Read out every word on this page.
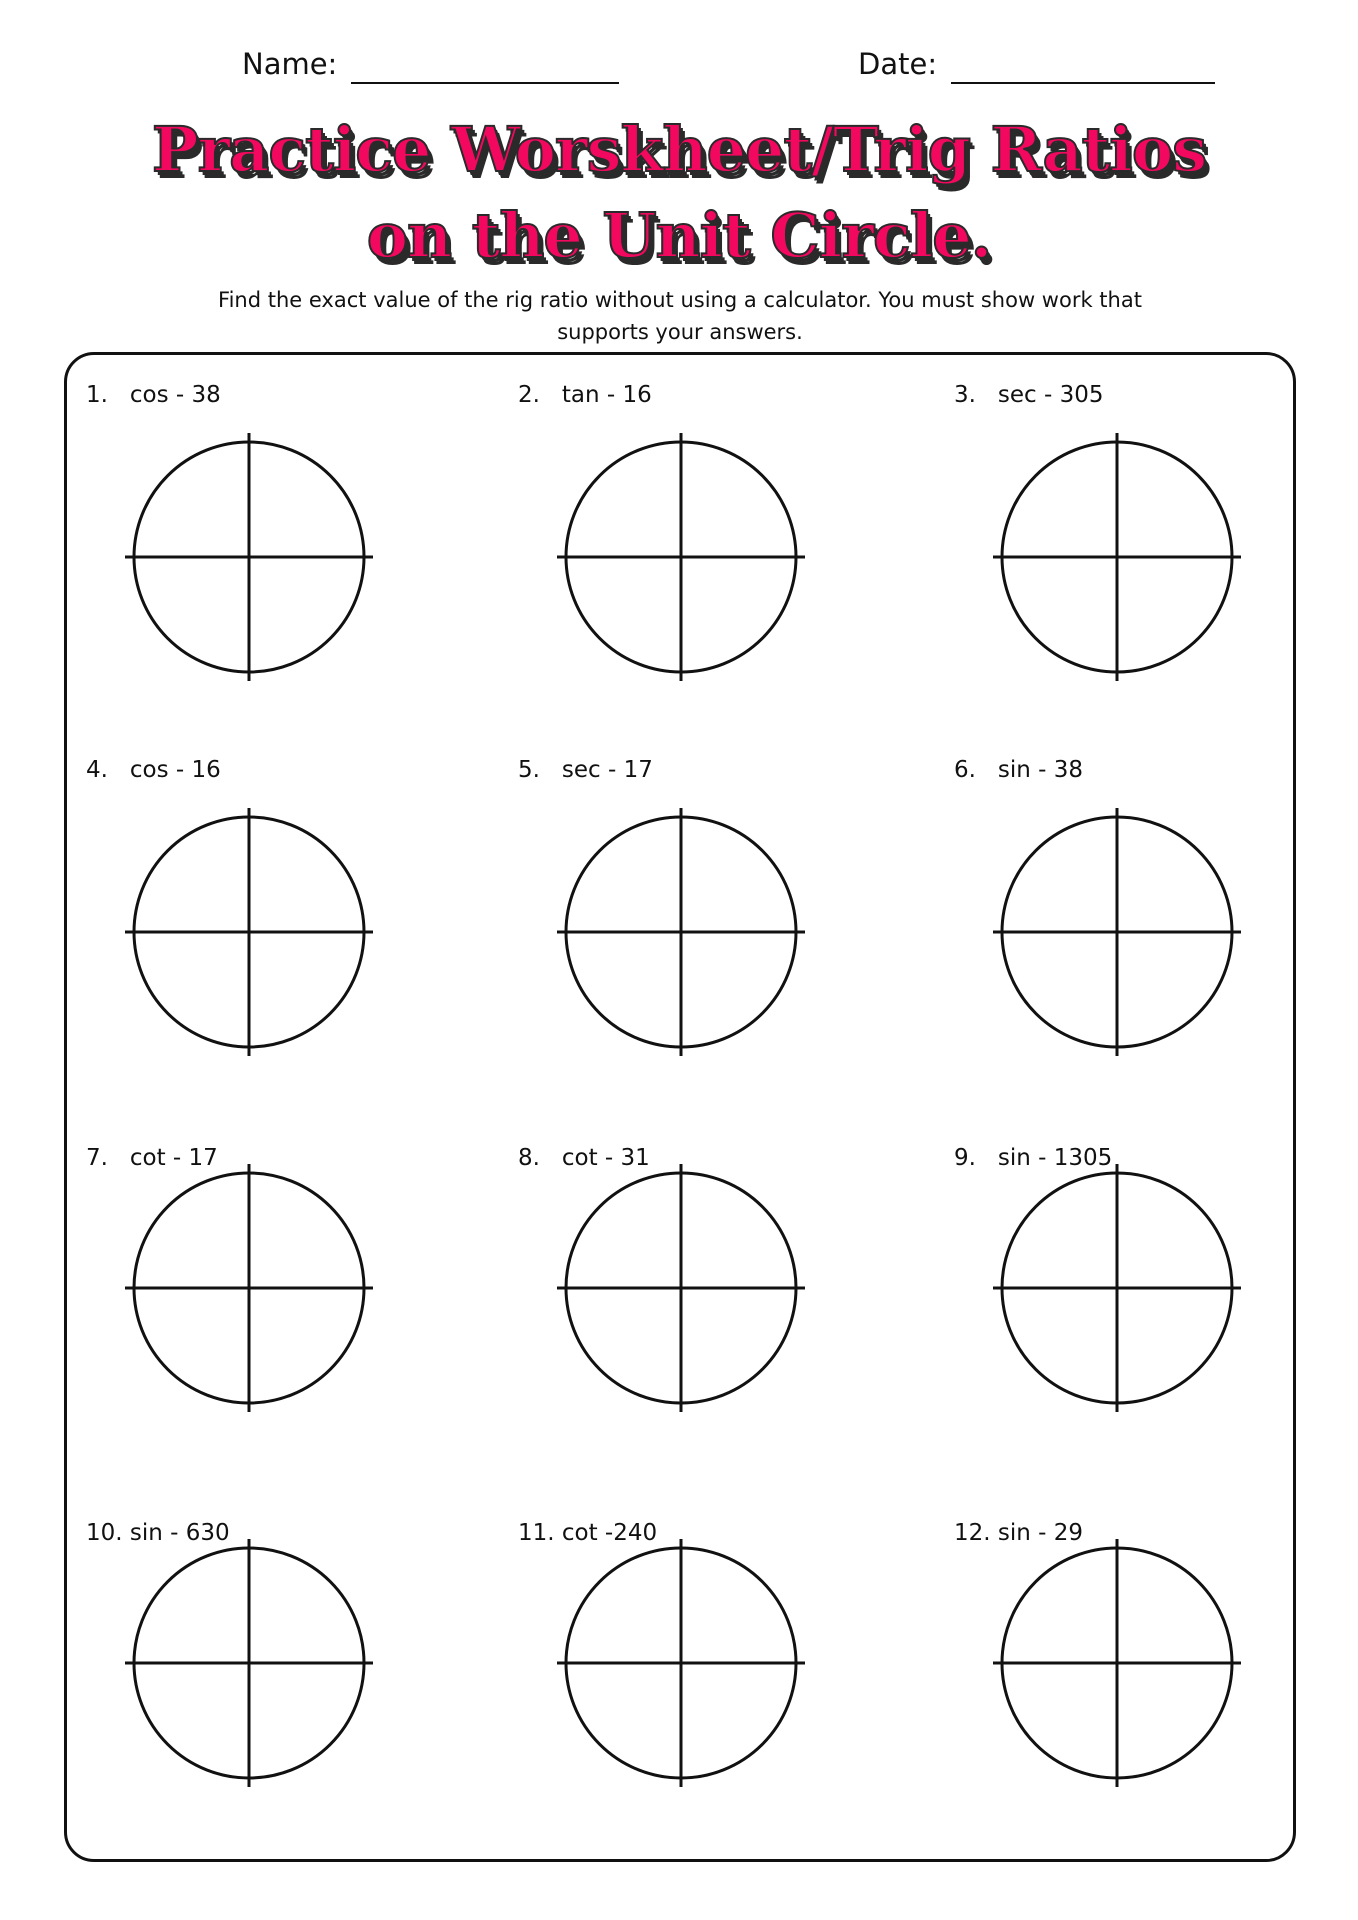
Name:	Date:
Practice Worskheet/Trig Ratios
on the Unit Circle.
Find the exact value of the rig ratio without using a calculator. You must show work that supports your answers.
1.   cos - 38	2.   tan - 16	3.   sec - 305
4.   cos - 16	5.   sec - 17	6.   sin - 38
7.   cot - 17	8.   cot - 31	9.   sin - 1305
10. sin - 630	11. cot -240	12. sin - 29
